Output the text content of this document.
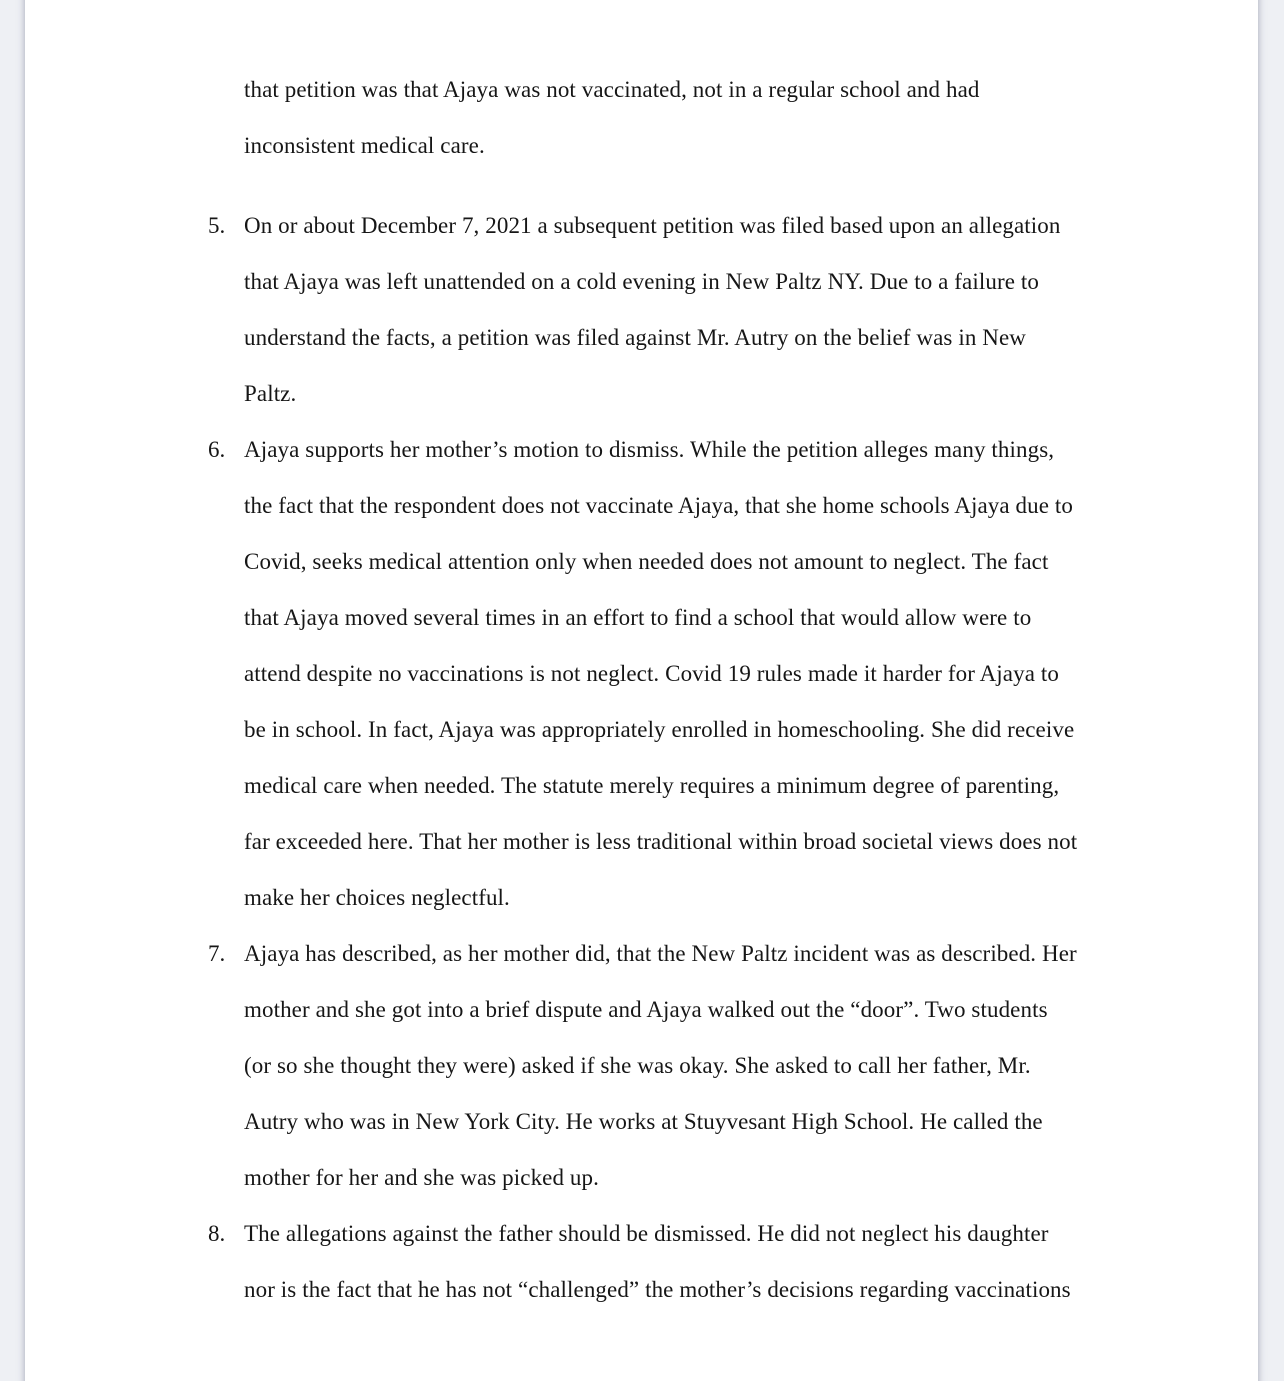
that petition was that Ajaya was not vaccinated, not in a regular school and had
inconsistent medical care.
5. On or about December 7, 2021 a subsequent petition was filed based upon an allegation
that Ajaya was left unattended on a cold evening in New Paltz NY. Due to a failure to
understand the facts, a petition was filed against Mr. Autry on the belief was in New
Paltz.
6. Ajaya supports her mother’s motion to dismiss. While the petition alleges many things,
the fact that the respondent does not vaccinate Ajaya, that she home schools Ajaya due to
Covid, seeks medical attention only when needed does not amount to neglect. The fact
that Ajaya moved several times in an effort to find a school that would allow were to
attend despite no vaccinations is not neglect. Covid 19 rules made it harder for Ajaya to
be in school. In fact, Ajaya was appropriately enrolled in homeschooling. She did receive
medical care when needed. The statute merely requires a minimum degree of parenting,
far exceeded here. That her mother is less traditional within broad societal views does not
make her choices neglectful.
7. Ajaya has described, as her mother did, that the New Paltz incident was as described. Her
mother and she got into a brief dispute and Ajaya walked out the “door”. Two students
(or so she thought they were) asked if she was okay. She asked to call her father, Mr.
Autry who was in New York City. He works at Stuyvesant High School. He called the
mother for her and she was picked up.
8. The allegations against the father should be dismissed. He did not neglect his daughter
nor is the fact that he has not “challenged” the mother’s decisions regarding vaccinations
